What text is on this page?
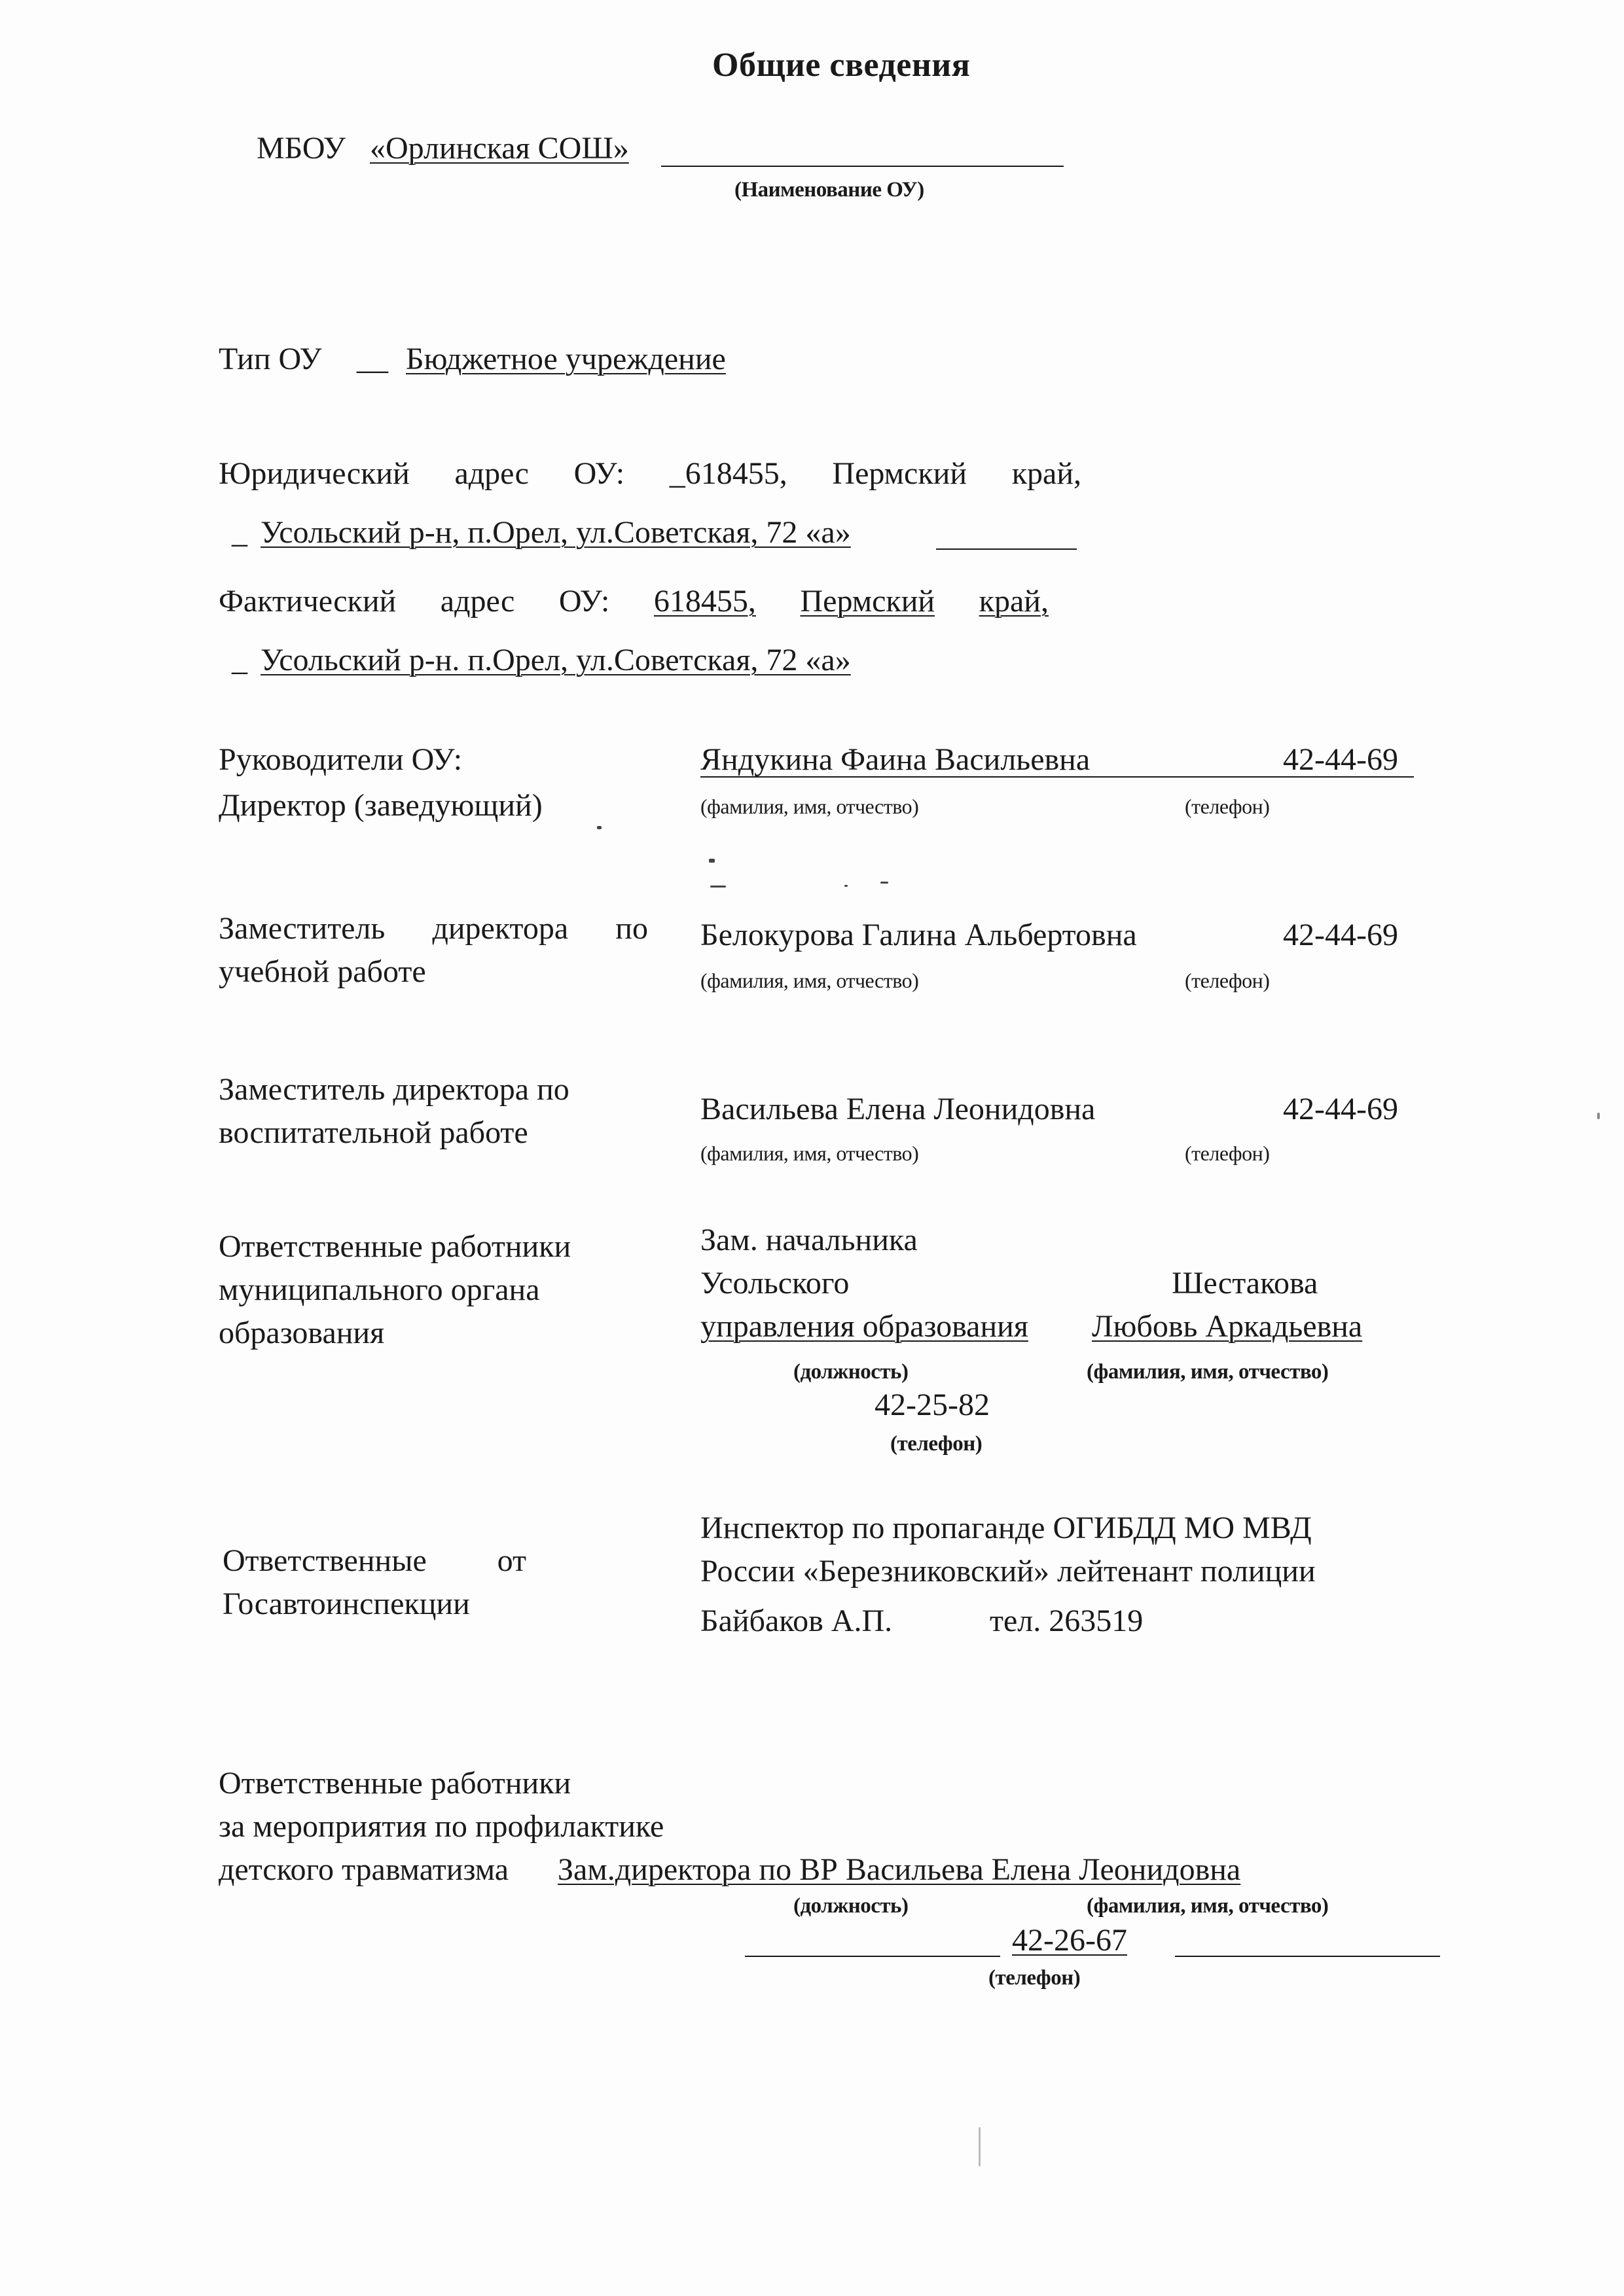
Общие сведения
МБОУ «Орлинская СОШ»
(Наименование ОУ)
Тип ОУ __ Бюджетное учреждение
Юридический адрес ОУ: _618455, Пермский край,
_ Усольский р-н, п.Орел, ул.Советская, 72 «а»
Фактический адрес ОУ: 618455, Пермский край,
_ Усольский р-н. п.Орел, ул.Советская, 72 «а»
Руководители ОУ:
Директор (заведующий)
Яндукина Фаина Васильевна	42-44-69
(фамилия, имя, отчество)	(телефон)
Заместитель директора по
учебной работе
Белокурова Галина Альбертовна	42-44-69
(фамилия, имя, отчество)	(телефон)
Заместитель директора по
воспитательной работе
Васильева Елена Леонидовна	42-44-69
(фамилия, имя, отчество)	(телефон)
Ответственные работники
муниципального органа
образования
Зам. начальника
Усольского
управления образования
Шестакова
Любовь Аркадьевна
(должность)	(фамилия, имя, отчество)
42-25-82
(телефон)
Ответственные от
Госавтоинспекции
Инспектор по пропаганде ОГИБДД МО МВД
России «Березниковский» лейтенант полиции
Байбаков А.П.	тел. 263519
Ответственные работники
за мероприятия по профилактике
детского травматизма Зам.директора по ВР Васильева Елена Леонидовна
(должность)	(фамилия, имя, отчество)
42-26-67
(телефон)
